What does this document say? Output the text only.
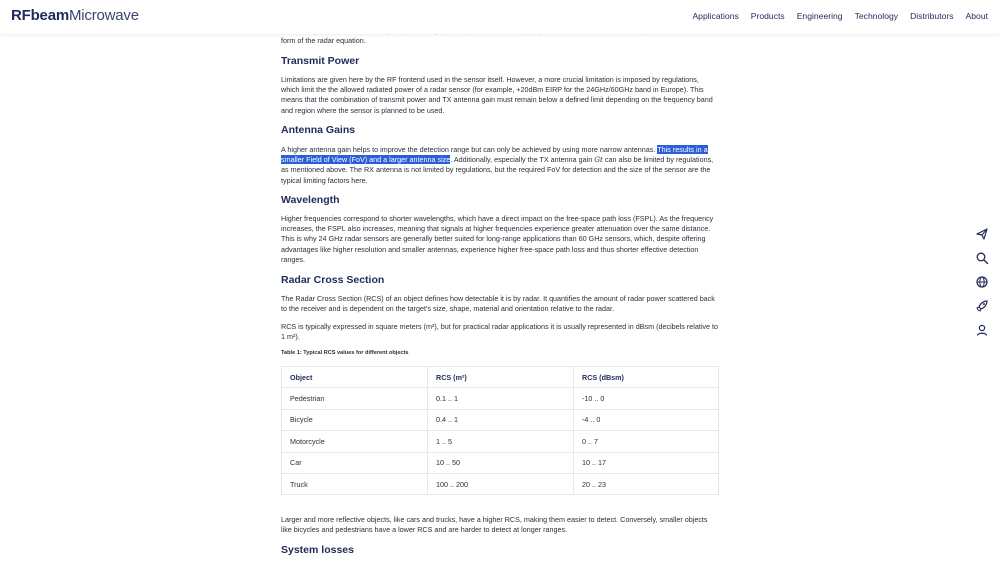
RFbeamMicrowave	Applications Products Engineering Technology Distributors About

form of the radar equation.

Transmit Power

Limitations are given here by the RF frontend used in the sensor itself. However, a more crucial limitation is imposed by regulations, which limit the the allowed radiated power of a radar sensor (for example, +20dBm EIRP for the 24GHz/60GHz band in Europe). This means that the combination of transmit power and TX antenna gain must remain below a defined limit depending on the frequency band and region where the sensor is planned to be used.

Antenna Gains

A higher antenna gain helps to improve the detection range but can only be achieved by using more narrow antennas. This results in a smaller Field of View (FoV) and a larger antenna size. Additionally, especially the TX antenna gain Gt can also be limited by regulations, as mentioned above. The RX antenna is not limited by regulations, but the required FoV for detection and the size of the sensor are the typical limiting factors here.

Wavelength

Higher frequencies correspond to shorter wavelengths, which have a direct impact on the free-space path loss (FSPL). As the frequency increases, the FSPL also increases, meaning that signals at higher frequencies experience greater attenuation over the same distance. This is why 24 GHz radar sensors are generally better suited for long-range applications than 60 GHz sensors, which, despite offering advantages like higher resolution and smaller antennas, experience higher free-space path loss and thus shorter effective detection ranges.

Radar Cross Section

The Radar Cross Section (RCS) of an object defines how detectable it is by radar. It quantifies the amount of radar power scattered back to the receiver and is dependent on the target's size, shape, material and orientation relative to the radar.

RCS is typically expressed in square meters (m²), but for practical radar applications it is usually represented in dBsm (decibels relative to 1 m²).

Table 1: Typical RCS values for different objects
Object	RCS (m²)	RCS (dBsm)
Pedestrian	0.1 .. 1	-10 .. 0
Bicycle	0.4 .. 1	-4 .. 0
Motorcycle	1 .. 5	0 .. 7
Car	10 .. 50	10 .. 17
Truck	100 .. 200	20 .. 23

Larger and more reflective objects, like cars and trucks, have a higher RCS, making them easier to detect. Conversely, smaller objects like bicycles and pedestrians have a lower RCS and are harder to detect at longer ranges.

System losses
